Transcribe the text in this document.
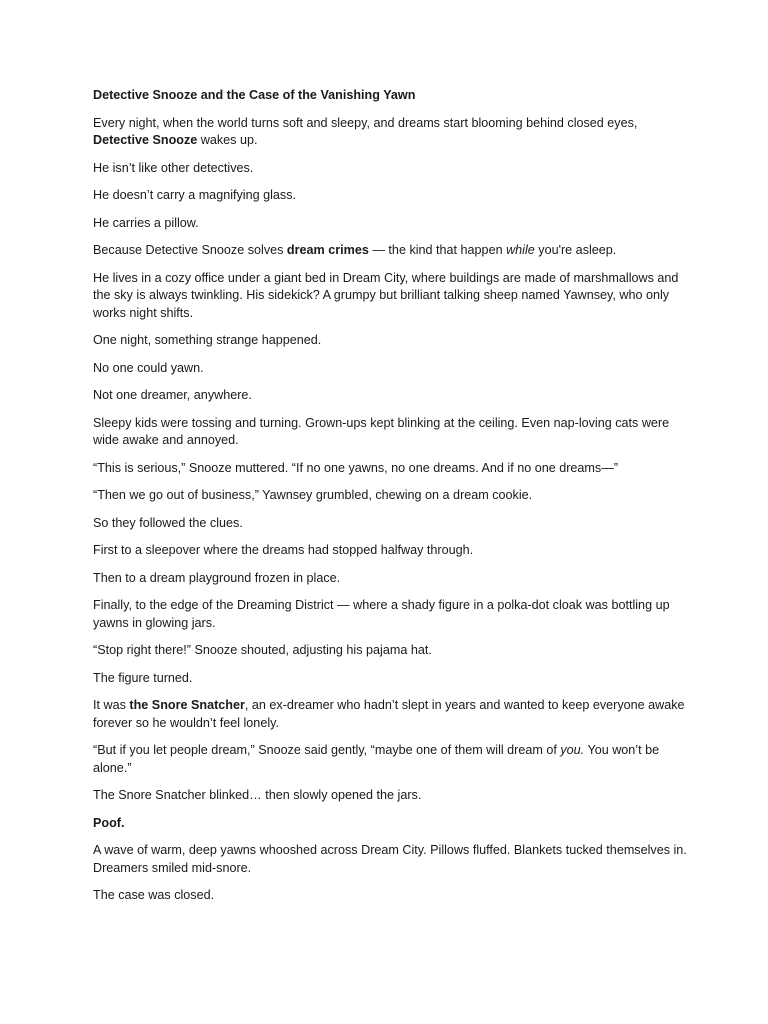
Detective Snooze and the Case of the Vanishing Yawn

Every night, when the world turns soft and sleepy, and dreams start blooming behind closed eyes, Detective Snooze wakes up.

He isn’t like other detectives.

He doesn’t carry a magnifying glass.

He carries a pillow.

Because Detective Snooze solves dream crimes — the kind that happen while you're asleep.

He lives in a cozy office under a giant bed in Dream City, where buildings are made of marshmallows and the sky is always twinkling. His sidekick? A grumpy but brilliant talking sheep named Yawnsey, who only works night shifts.

One night, something strange happened.

No one could yawn.

Not one dreamer, anywhere.

Sleepy kids were tossing and turning. Grown-ups kept blinking at the ceiling. Even nap-loving cats were wide awake and annoyed.

“This is serious,” Snooze muttered. “If no one yawns, no one dreams. And if no one dreams—”

“Then we go out of business,” Yawnsey grumbled, chewing on a dream cookie.

So they followed the clues.

First to a sleepover where the dreams had stopped halfway through.

Then to a dream playground frozen in place.

Finally, to the edge of the Dreaming District — where a shady figure in a polka-dot cloak was bottling up yawns in glowing jars.

“Stop right there!” Snooze shouted, adjusting his pajama hat.

The figure turned.

It was the Snore Snatcher, an ex-dreamer who hadn’t slept in years and wanted to keep everyone awake forever so he wouldn’t feel lonely.

“But if you let people dream,” Snooze said gently, “maybe one of them will dream of you. You won’t be alone.”

The Snore Snatcher blinked… then slowly opened the jars.

Poof.

A wave of warm, deep yawns whooshed across Dream City. Pillows fluffed. Blankets tucked themselves in. Dreamers smiled mid-snore.

The case was closed.
